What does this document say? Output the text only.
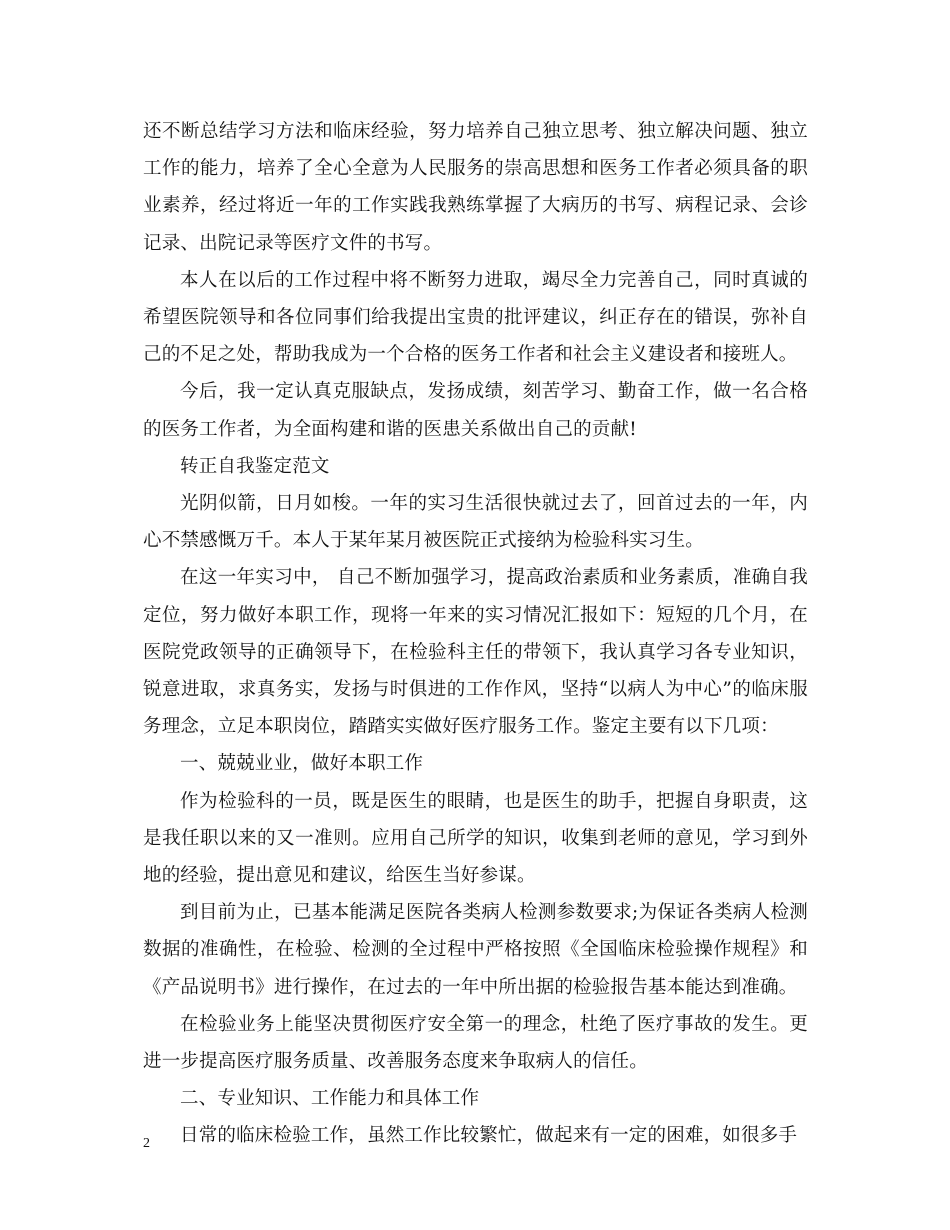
还不断总结学习方法和临床经验，努力培养自己独立思考、独立解决问题、独立工作的能力，培养了全心全意为人民服务的崇高思想和医务工作者必须具备的职业素养，经过将近一年的工作实践我熟练掌握了大病历的书写、病程记录、会诊记录、出院记录等医疗文件的书写。

本人在以后的工作过程中将不断努力进取，竭尽全力完善自己，同时真诚的希望医院领导和各位同事们给我提出宝贵的批评建议，纠正存在的错误，弥补自己的不足之处，帮助我成为一个合格的医务工作者和社会主义建设者和接班人。

今后，我一定认真克服缺点，发扬成绩，刻苦学习、勤奋工作，做一名合格的医务工作者，为全面构建和谐的医患关系做出自己的贡献!

转正自我鉴定范文

光阴似箭，日月如梭。一年的实习生活很快就过去了，回首过去的一年，内心不禁感慨万千。本人于某年某月被医院正式接纳为检验科实习生。

在这一年实习中， 自己不断加强学习，提高政治素质和业务素质，准确自我定位，努力做好本职工作，现将一年来的实习情况汇报如下：短短的几个月，在医院党政领导的正确领导下，在检验科主任的带领下，我认真学习各专业知识，锐意进取，求真务实，发扬与时俱进的工作作风，坚持“以病人为中心”的临床服务理念，立足本职岗位，踏踏实实做好医疗服务工作。鉴定主要有以下几项：

一、兢兢业业，做好本职工作

作为检验科的一员，既是医生的眼睛，也是医生的助手，把握自身职责，这是我任职以来的又一准则。应用自己所学的知识，收集到老师的意见，学习到外地的经验，提出意见和建议，给医生当好参谋。

到目前为止，已基本能满足医院各类病人检测参数要求;为保证各类病人检测数据的准确性，在检验、检测的全过程中严格按照《全国临床检验操作规程》和《产品说明书》进行操作，在过去的一年中所出据的检验报告基本能达到准确。

在检验业务上能坚决贯彻医疗安全第一的理念，杜绝了医疗事故的发生。更进一步提高医疗服务质量、改善服务态度来争取病人的信任。

二、专业知识、工作能力和具体工作

日常的临床检验工作，虽然工作比较繁忙，做起来有一定的困难，如很多手

2
